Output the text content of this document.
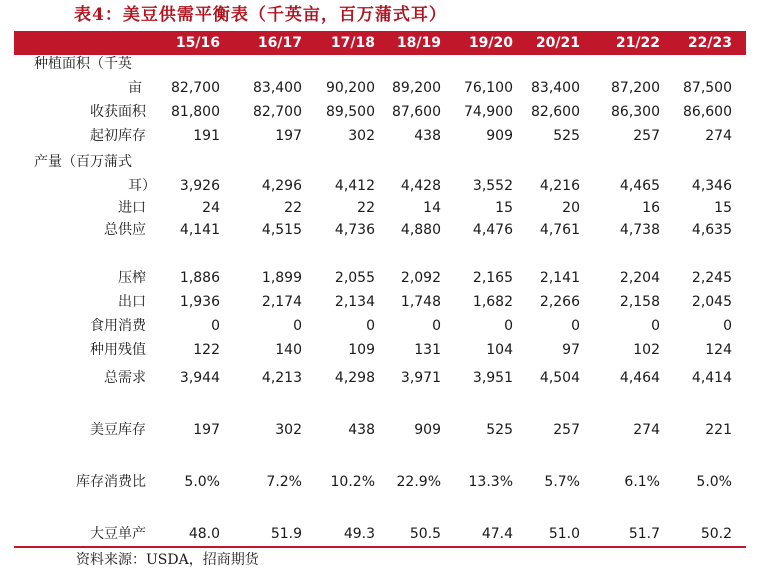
表4：美豆供需平衡表（千英亩，百万蒲式耳）
15/16	16/17	17/18	18/19	19/20	20/21	21/22	22/23
种植面积（千英
亩	82,700	83,400	90,200	89,200	76,100	83,400	87,200	87,500
收获面积	81,800	82,700	89,500	87,600	74,900	82,600	86,300	86,600
起初库存	191	197	302	438	909	525	257	274
产量（百万蒲式
耳）	3,926	4,296	4,412	4,428	3,552	4,216	4,465	4,346
进口	24	22	22	14	15	20	16	15
总供应	4,141	4,515	4,736	4,880	4,476	4,761	4,738	4,635
压榨	1,886	1,899	2,055	2,092	2,165	2,141	2,204	2,245
出口	1,936	2,174	2,134	1,748	1,682	2,266	2,158	2,045
食用消费	0	0	0	0	0	0	0	0
种用残值	122	140	109	131	104	97	102	124
总需求	3,944	4,213	4,298	3,971	3,951	4,504	4,464	4,414
美豆库存	197	302	438	909	525	257	274	221
库存消费比	5.0%	7.2%	10.2%	22.9%	13.3%	5.7%	6.1%	5.0%
大豆单产	48.0	51.9	49.3	50.5	47.4	51.0	51.7	50.2
资料来源：USDA，招商期货
